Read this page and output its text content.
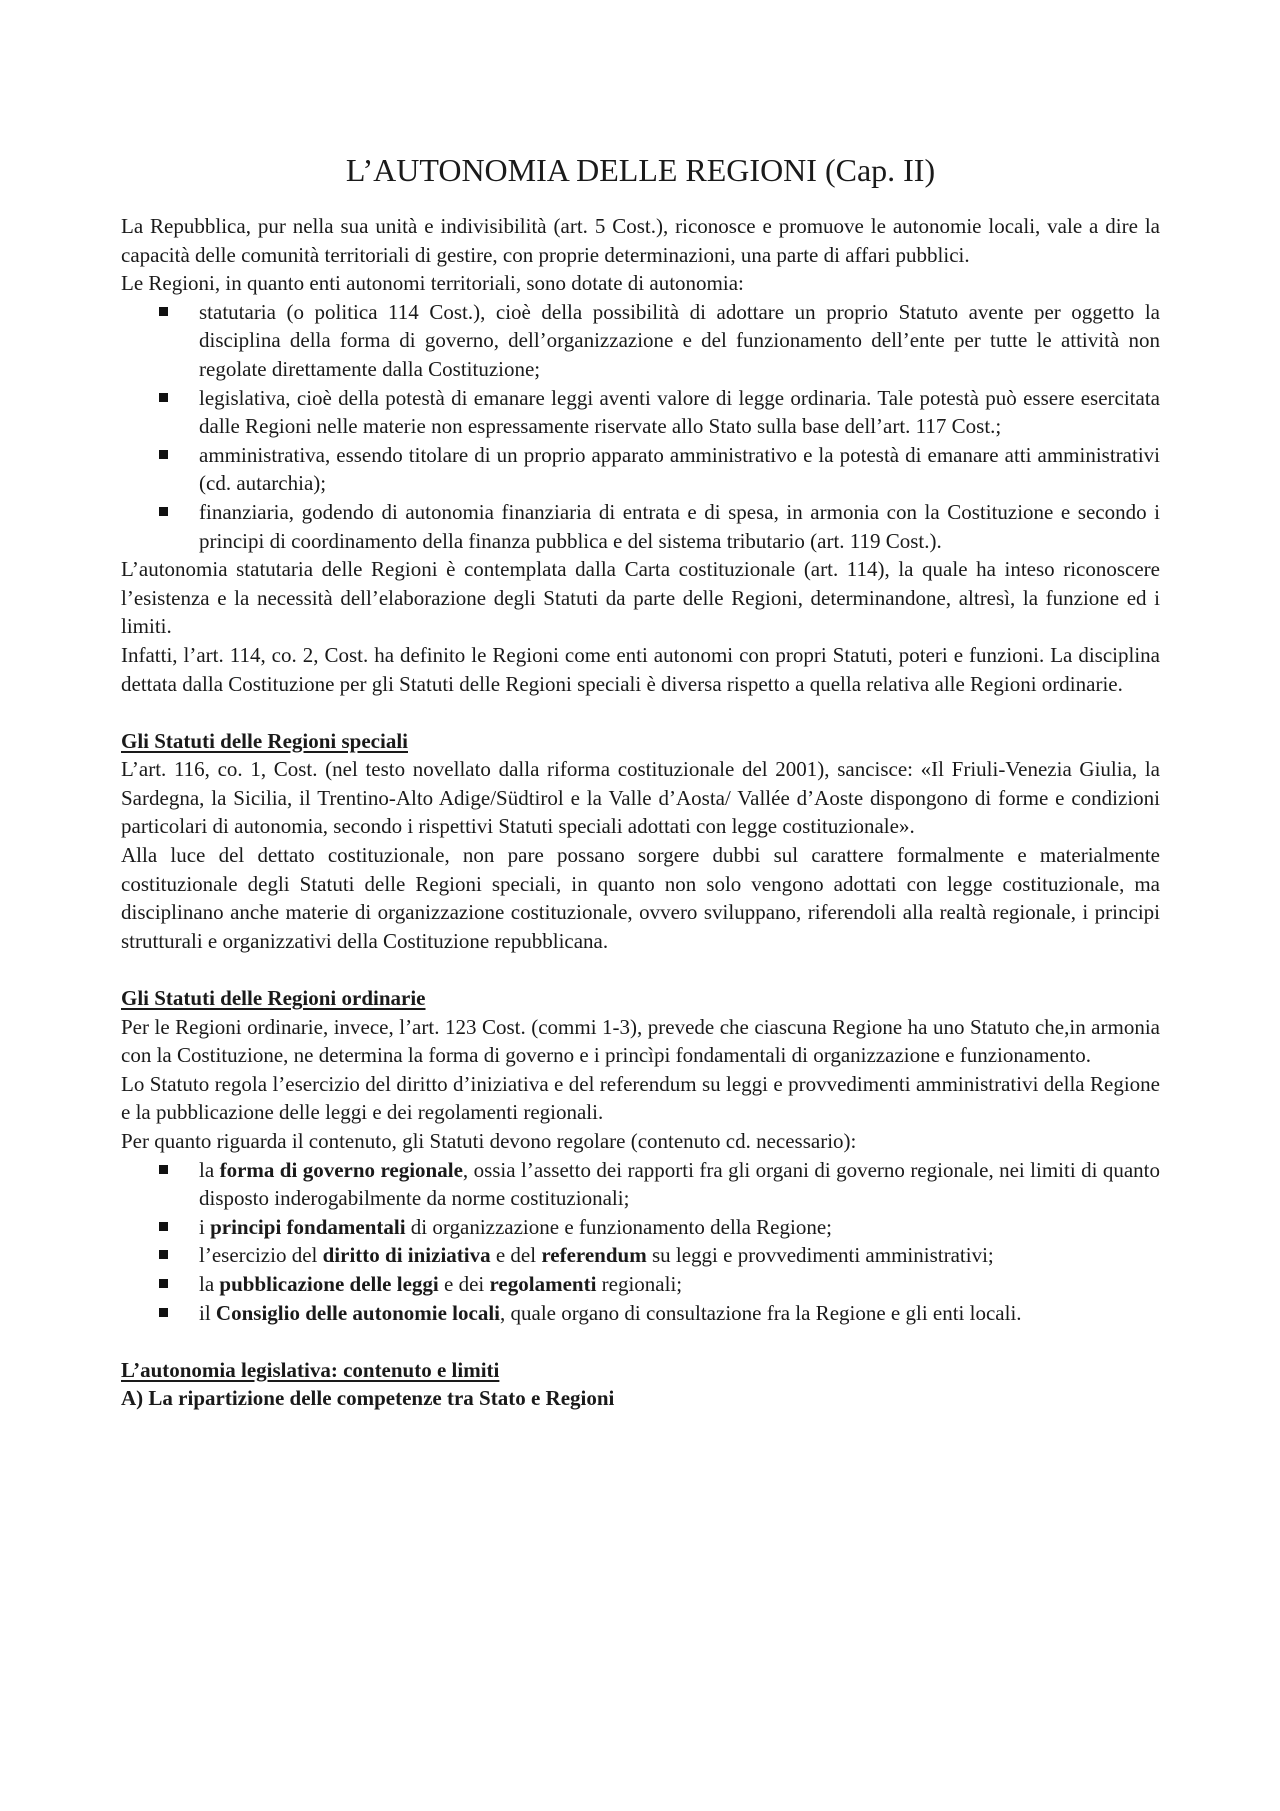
L’AUTONOMIA DELLE REGIONI (Cap. II)

La Repubblica, pur nella sua unità e indivisibilità (art. 5 Cost.), riconosce e promuove le autonomie locali, vale a dire la capacità delle comunità territoriali di gestire, con proprie determinazioni, una parte di affari pubblici.

Le Regioni, in quanto enti autonomi territoriali, sono dotate di autonomia:

statutaria (o politica 114 Cost.), cioè della possibilità di adottare un proprio Statuto avente per oggetto la disciplina della forma di governo, dell’organizzazione e del funzionamento dell’ente per tutte le attività non regolate direttamente dalla Costituzione;
legislativa, cioè della potestà di emanare leggi aventi valore di legge ordinaria. Tale potestà può essere esercitata dalle Regioni nelle materie non espressamente riservate allo Stato sulla base dell’art. 117 Cost.;
amministrativa, essendo titolare di un proprio apparato amministrativo e la potestà di emanare atti amministrativi (cd. autarchia);
finanziaria, godendo di autonomia finanziaria di entrata e di spesa, in armonia con la Costituzione e secondo i principi di coordinamento della finanza pubblica e del sistema tributario (art. 119 Cost.).

L’autonomia statutaria delle Regioni è contemplata dalla Carta costituzionale (art. 114), la quale ha inteso riconoscere l’esistenza e la necessità dell’elaborazione degli Statuti da parte delle Regioni, determinandone, altresì, la funzione ed i limiti.

Infatti, l’art. 114, co. 2, Cost. ha definito le Regioni come enti autonomi con propri Statuti, poteri e funzioni. La disciplina dettata dalla Costituzione per gli Statuti delle Regioni speciali è diversa rispetto a quella relativa alle Regioni ordinarie.

Gli Statuti delle Regioni speciali

L’art. 116, co. 1, Cost. (nel testo novellato dalla riforma costituzionale del 2001), sancisce: «Il Friuli-Venezia Giulia, la Sardegna, la Sicilia, il Trentino-Alto Adige/Südtirol e la Valle d’Aosta/ Vallée d’Aoste dispongono di forme e condizioni particolari di autonomia, secondo i rispettivi Statuti speciali adottati con legge costituzionale».

Alla luce del dettato costituzionale, non pare possano sorgere dubbi sul carattere formalmente e materialmente costituzionale degli Statuti delle Regioni speciali, in quanto non solo vengono adottati con legge costituzionale, ma disciplinano anche materie di organizzazione costituzionale, ovvero sviluppano, riferendoli alla realtà regionale, i principi strutturali e organizzativi della Costituzione repubblicana.

Gli Statuti delle Regioni ordinarie

Per le Regioni ordinarie, invece, l’art. 123 Cost. (commi 1-3), prevede che ciascuna Regione ha uno Statuto che,in armonia con la Costituzione, ne determina la forma di governo e i princìpi fondamentali di organizzazione e funzionamento.

Lo Statuto regola l’esercizio del diritto d’iniziativa e del referendum su leggi e provvedimenti amministrativi della Regione e la pubblicazione delle leggi e dei regolamenti regionali.

Per quanto riguarda il contenuto, gli Statuti devono regolare (contenuto cd. necessario):

la forma di governo regionale, ossia l’assetto dei rapporti fra gli organi di governo regionale, nei limiti di quanto disposto inderogabilmente da norme costituzionali;
i principi fondamentali di organizzazione e funzionamento della Regione;
l’esercizio del diritto di iniziativa e del referendum su leggi e provvedimenti amministrativi;
la pubblicazione delle leggi e dei regolamenti regionali;
il Consiglio delle autonomie locali, quale organo di consultazione fra la Regione e gli enti locali.

L’autonomia legislativa: contenuto e limiti

A) La ripartizione delle competenze tra Stato e Regioni
